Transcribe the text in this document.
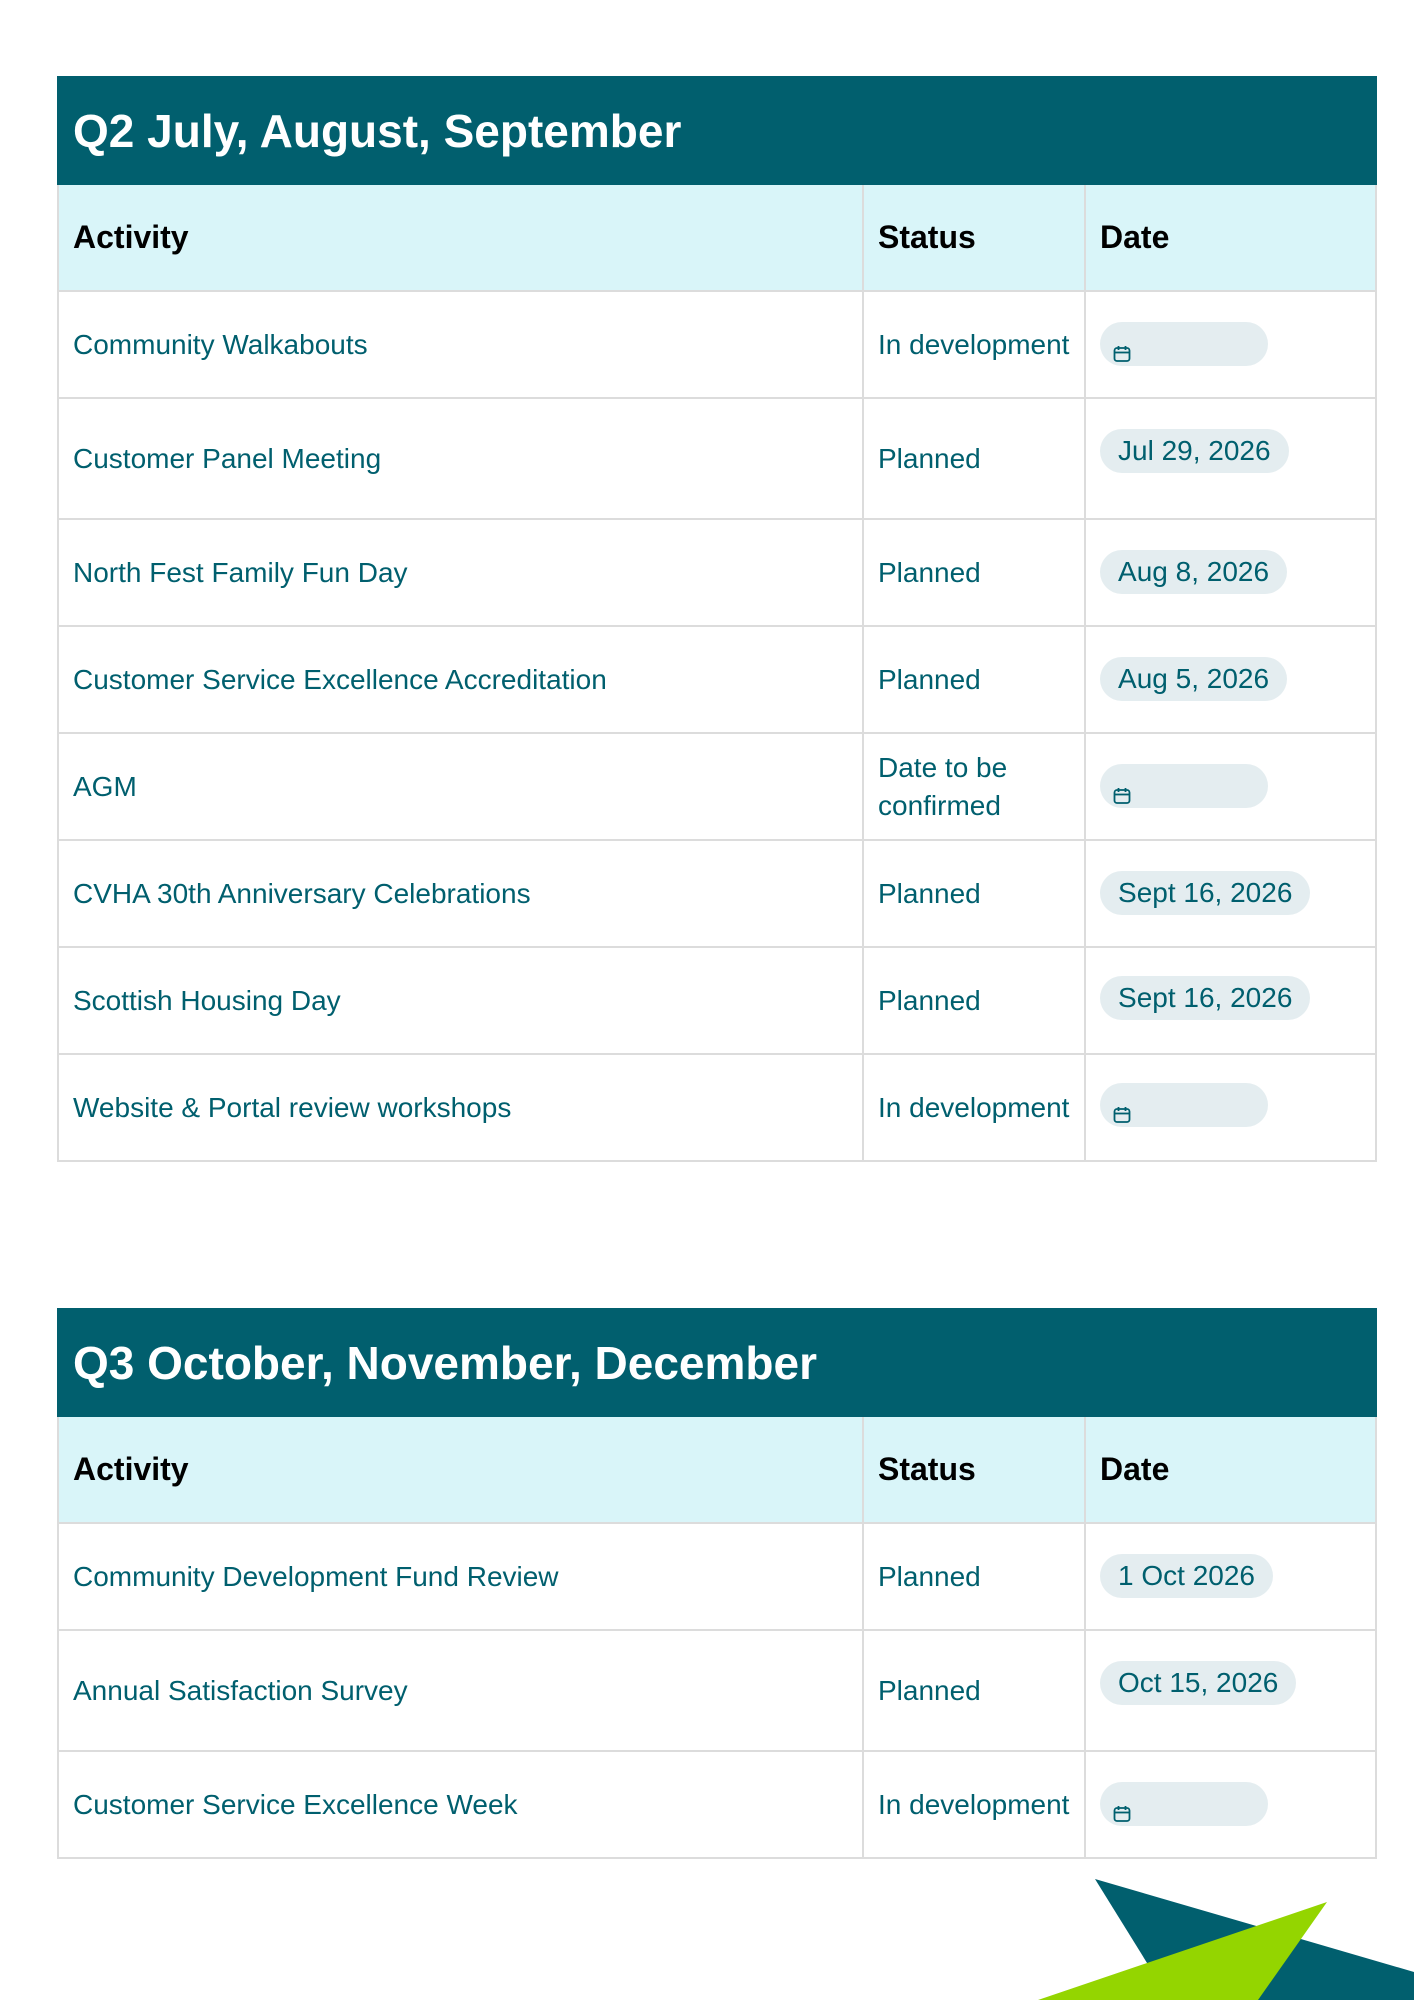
Q2 July, August, September		
Activity	Status	Date
Community Walkabouts	In development	
Customer Panel Meeting	Planned	Jul 29, 2026
North Fest Family Fun Day	Planned	Aug 8, 2026
Customer Service Excellence Accreditation	Planned	Aug 5, 2026
AGM	Date to be confirmed	
CVHA 30th Anniversary Celebrations	Planned	Sept 16, 2026
Scottish Housing Day	Planned	Sept 16, 2026
Website & Portal review workshops	In development	
Q3 October, November, December		
Activity	Status	Date
Community Development Fund Review	Planned	1 Oct 2026
Annual Satisfaction Survey	Planned	Oct 15, 2026
Customer Service Excellence Week	In development	
